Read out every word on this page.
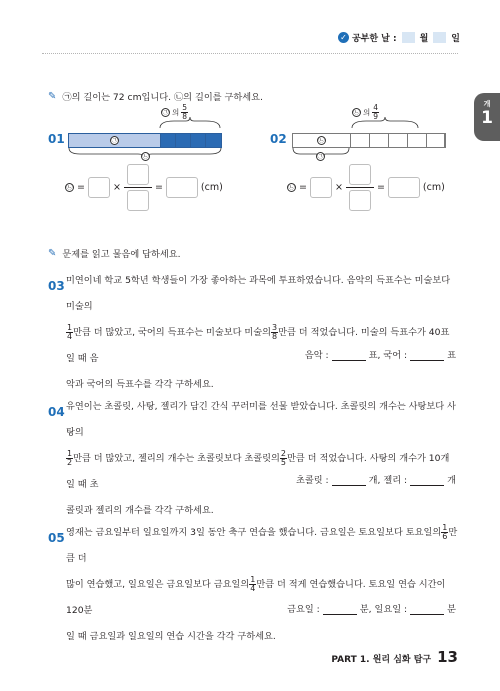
✓ 공부한 날 :	월	일
개
1
✎ ㉠의 길이는 72 cm입니다. ㉡의 길이를 구하세요.
01
㉠ 의 $\frac{5}{8}$
㉠
㉡
㉡ =	×	=	(cm)
02
㉡ 의 $\frac{4}{9}$
㉡
㉠
㉡ =	×	=	(cm)
✎ 문제를 읽고 물음에 답하세요.
03 미연이네 학교 5학년 학생들이 가장 좋아하는 과목에 투표하였습니다. 음악의 득표수는 미술보다 미술의
$\frac{1}{4}$ 만큼 더 많았고, 국어의 득표수는 미술보다 미술의 $\frac{3}{8}$ 만큼 더 적었습니다. 미술의 득표수가 40표일 때 음
악과 국어의 득표수를 각각 구하세요.
음악 :	표, 국어 :	표
04 유연이는 초콜릿, 사탕, 젤리가 담긴 간식 꾸러미를 선물 받았습니다. 초콜릿의 개수는 사탕보다 사탕의
$\frac{1}{2}$ 만큼 더 많았고, 젤리의 개수는 초콜릿보다 초콜릿의 $\frac{2}{5}$ 만큼 더 적었습니다. 사탕의 개수가 10개일 때 초
콜릿과 젤리의 개수를 각각 구하세요.
초콜릿 :	개, 젤리 :	개
05 영재는 금요일부터 일요일까지 3일 동안 축구 연습을 했습니다. 금요일은 토요일보다 토요일의 $\frac{1}{6}$ 만큼 더
많이 연습했고, 일요일은 금요일보다 금요일의 $\frac{1}{4}$ 만큼 더 적게 연습했습니다. 토요일 연습 시간이 120분
일 때 금요일과 일요일의 연습 시간을 각각 구하세요.
금요일 :	분, 일요일 :	분
PART 1. 원리 심화 탐구 13
